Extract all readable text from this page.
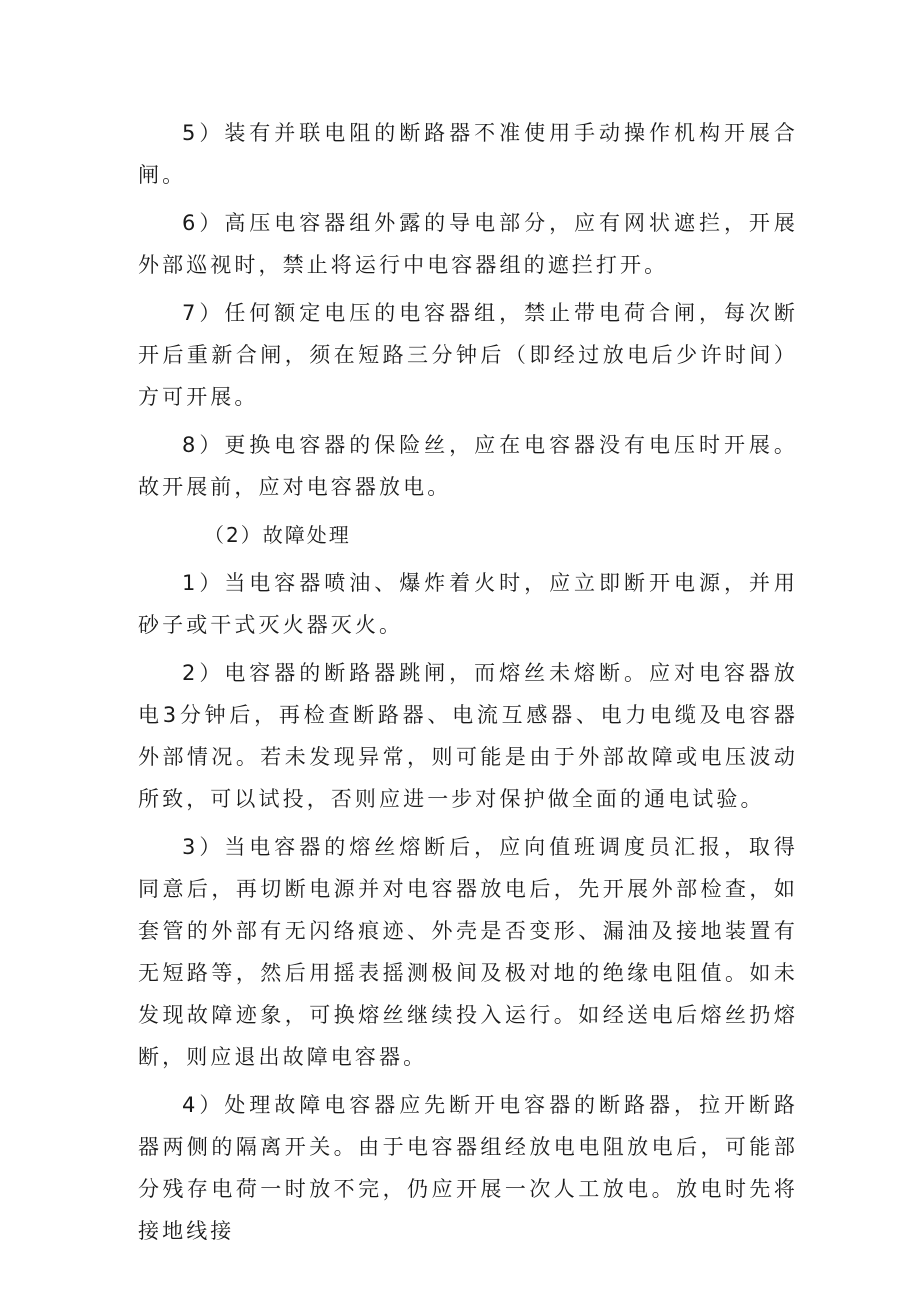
5）装有并联电阻的断路器不准使用手动操作机构开展合闸。

6）高压电容器组外露的导电部分，应有网状遮拦，开展外部巡视时，禁止将运行中电容器组的遮拦打开。

7）任何额定电压的电容器组，禁止带电荷合闸，每次断开后重新合闸，须在短路三分钟后（即经过放电后少许时间）方可开展。

8）更换电容器的保险丝，应在电容器没有电压时开展。故开展前，应对电容器放电。

（2）故障处理

1）当电容器喷油、爆炸着火时，应立即断开电源，并用砂子或干式灭火器灭火。

2）电容器的断路器跳闸，而熔丝未熔断。应对电容器放电3分钟后，再检查断路器、电流互感器、电力电缆及电容器外部情况。若未发现异常，则可能是由于外部故障或电压波动所致，可以试投，否则应进一步对保护做全面的通电试验。

3）当电容器的熔丝熔断后，应向值班调度员汇报，取得同意后，再切断电源并对电容器放电后，先开展外部检查，如套管的外部有无闪络痕迹、外壳是否变形、漏油及接地装置有无短路等，然后用摇表摇测极间及极对地的绝缘电阻值。如未发现故障迹象，可换熔丝继续投入运行。如经送电后熔丝扔熔断，则应退出故障电容器。

4）处理故障电容器应先断开电容器的断路器，拉开断路器两侧的隔离开关。由于电容器组经放电电阻放电后，可能部分残存电荷一时放不完，仍应开展一次人工放电。放电时先将接地线接
